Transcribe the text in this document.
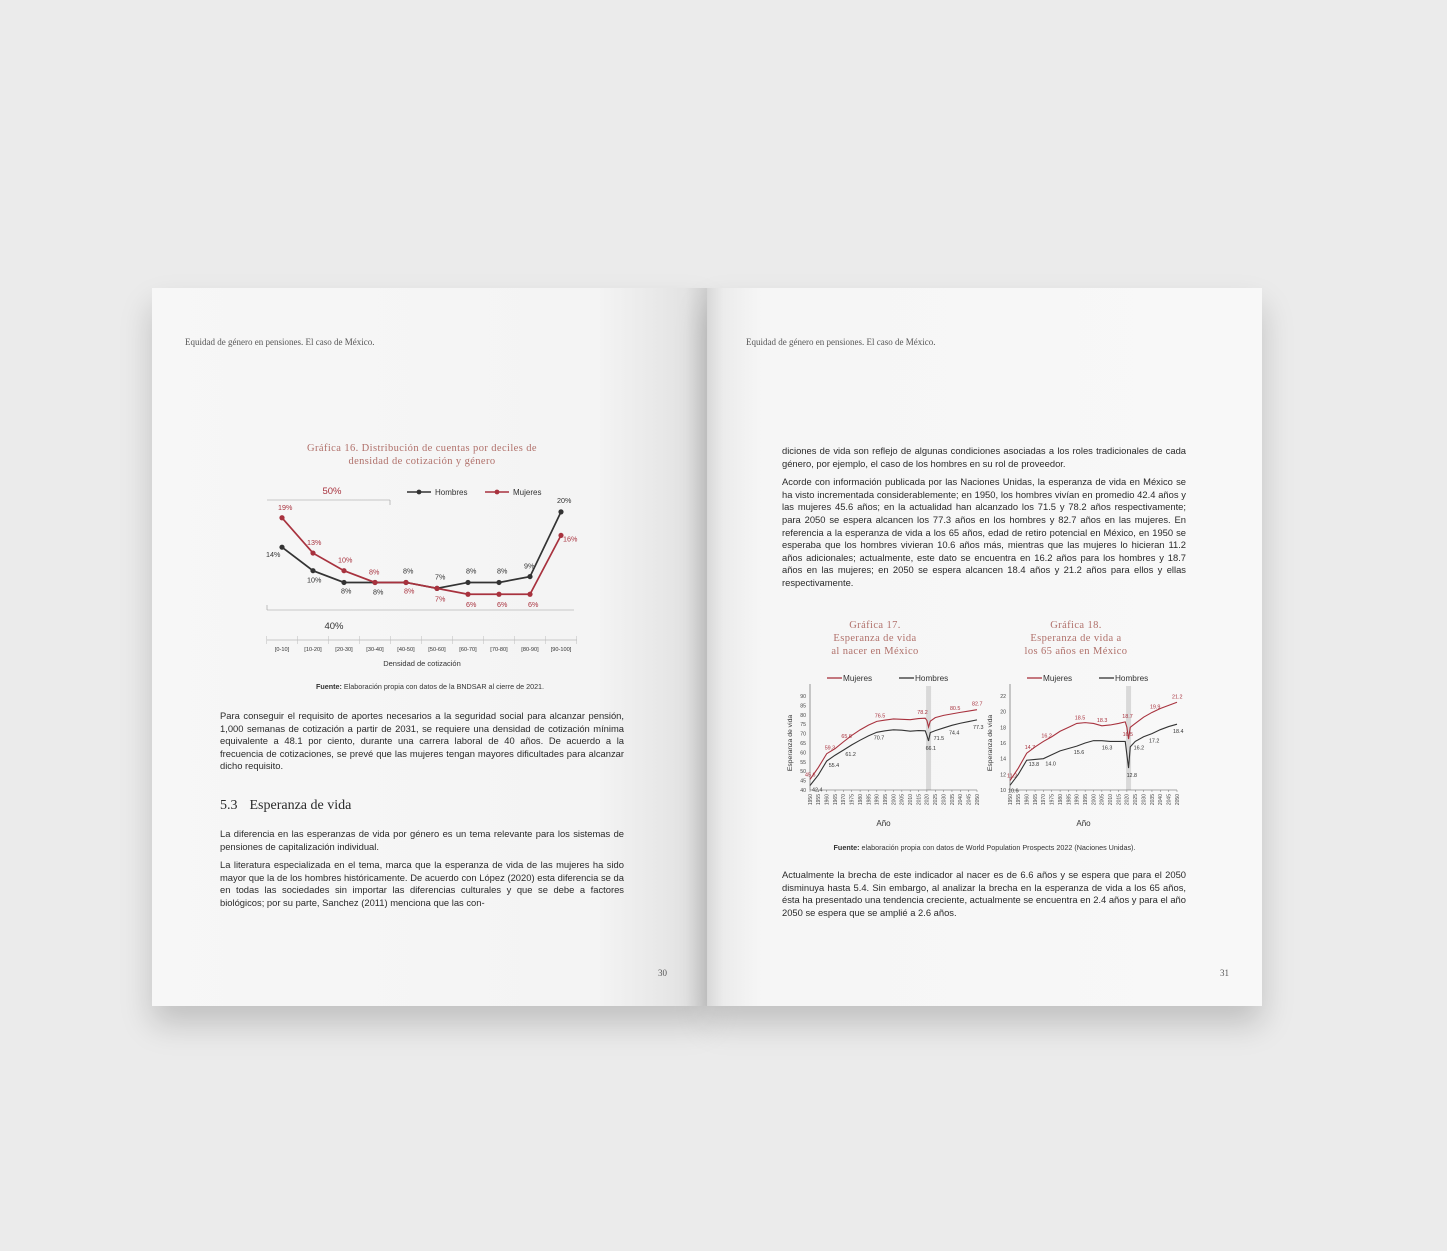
Equidad de género en pensiones. El caso de México.
Gráfica 16. Distribución de cuentas por deciles de
densidad de cotización y género
Hombres	Mujeres
50%
40%
[0-10]	[10-20] [20-30] [30-40] [40-50] [50-60] [60-70] [70-80] [80-90] [90-100]
Densidad de cotización
14%
10%
8%	8%
8%
7%
8%	8%
9%
20%
19%
13%
10%
8%
8%
7%
6%	6%	6%
16%
Fuente: Elaboración propia con datos de la BNDSAR al cierre de 2021.

Para conseguir el requisito de aportes necesarios a la seguridad social para alcanzar pensión, 1,000 semanas de cotización a partir de 2031, se requiere una densidad de cotización mínima equivalente a 48.1 por ciento, durante una carrera laboral de 40 años. De acuerdo a la frecuencia de cotizaciones, se prevé que las mujeres tengan mayores dificultades para alcanzar dicho requisito.

5.3 Esperanza de vida

La diferencia en las esperanzas de vida por género es un tema relevante para los sistemas de pensiones de capitalización individual.

La literatura especializada en el tema, marca que la esperanza de vida de las mujeres ha sido mayor que la de los hombres históricamente. De acuerdo con López (2020) esta diferencia se da en todas las sociedades sin importar las diferencias culturales y que se debe a factores biológicos; por su parte, Sanchez (2011) menciona que las con-

30
Equidad de género en pensiones. El caso de México.

diciones de vida son reflejo de algunas condiciones asociadas a los roles tradicionales de cada género, por ejemplo, el caso de los hombres en su rol de proveedor.

Acorde con información publicada por las Naciones Unidas, la esperanza de vida en México se ha visto incrementada considerablemente; en 1950, los hombres vivían en promedio 42.4 años y las mujeres 45.6 años; en la actualidad han alcanzado los 71.5 y 78.2 años respectivamente; para 2050 se espera alcancen los 77.3 años en los hombres y 82.7 años en las mujeres. En referencia a la esperanza de vida a los 65 años, edad de retiro potencial en México, en 1950 se esperaba que los hombres vivieran 10.6 años más, mientras que las mujeres lo hicieran 11.2 años adicionales; actualmente, este dato se encuentra en 16.2 años para los hombres y 18.7 años en las mujeres; en 2050 se espera alcancen 18.4 años y 21.2 años para ellos y ellas respectivamente.

Gráfica 17.
Esperanza de vida
al nacer en México
Gráfica 18.
Esperanza de vida a
los 65 años en México
Mujeres	Hombres
40
45
50
55
60
65
70
75
80
85
90
1950 1955 1960 1965 1970 1975 1980 1985 1990 1995 2000 2005 2010 2015 2020 2025 2030 2035 2040 2045 2050
Año
Esperanza de vida
45.6
59.3
65.6
76.5
78.2
80.5
82.7
42.4
55.4
61.2
70.7
66.1
71.5
74.4
77.3
Mujeres	Hombres
10
12
14
16
18
20
22
1950 1955 1960 1965 1970 1975 1980 1985 1990 1995 2000 2005 2010 2015 2020 2025 2030 2035 2040 2045 2050
Año
Esperanza de vida
11.2
14.7
16.2
18.5 18.3
18.7
16.5
19.9
21.2
10.6
13.8 14.0
15.6
16.3
12.8
16.2
17.2
18.4
Fuente: elaboración propia con datos de World Population Prospects 2022 (Naciones Unidas).

Actualmente la brecha de este indicador al nacer es de 6.6 años y se espera que para el 2050 disminuya hasta 5.4. Sin embargo, al analizar la brecha en la esperanza de vida a los 65 años, ésta ha presentado una tendencia creciente, actualmente se encuentra en 2.4 años y para el año 2050 se espera que se amplié a 2.6 años.

31
